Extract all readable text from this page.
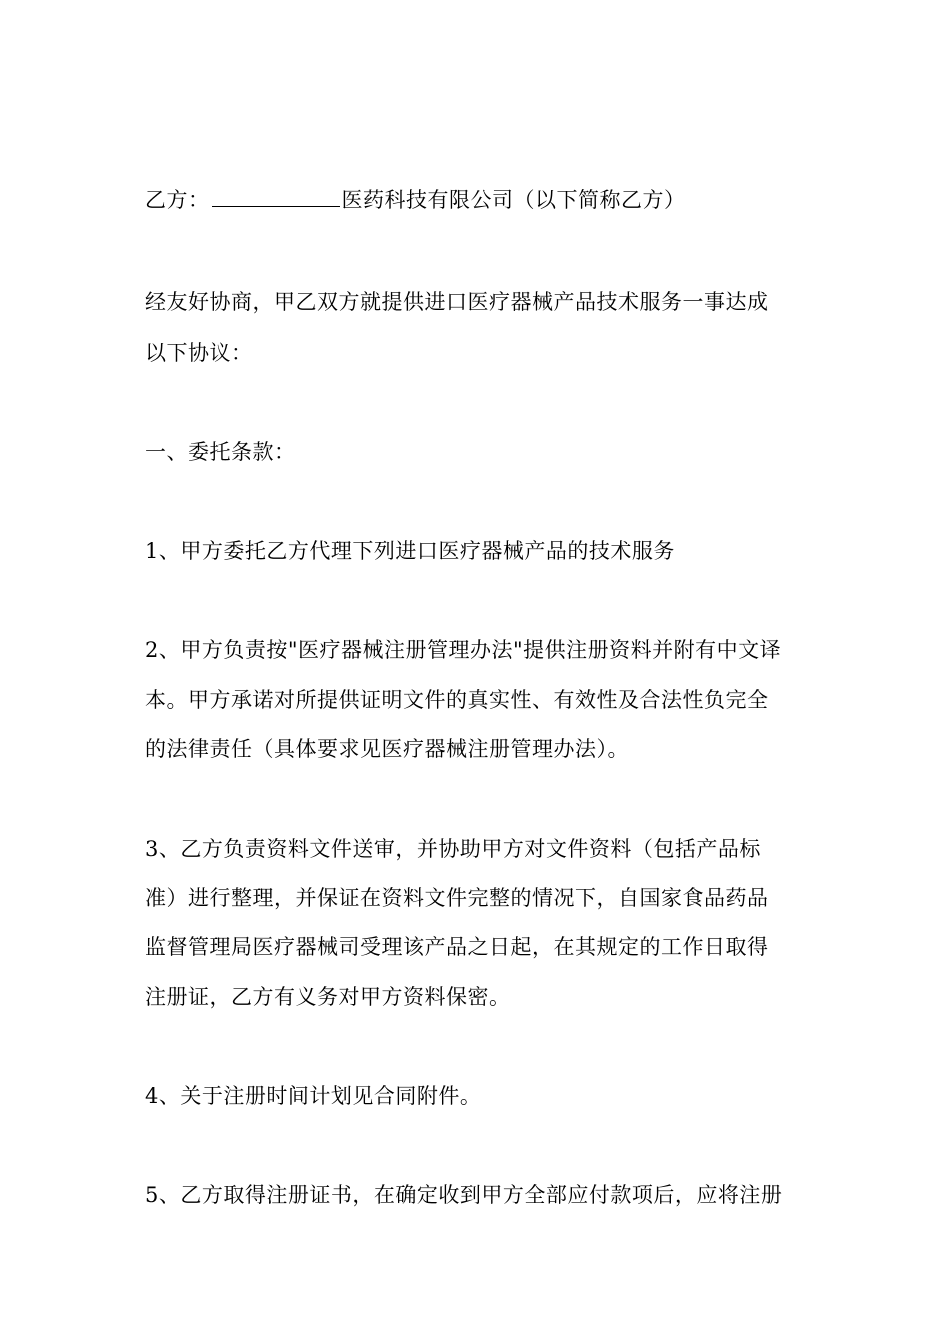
乙方：	医药科技有限公司（以下简称乙方）
经友好协商，甲乙双方就提供进口医疗器械产品技术服务一事达成
以下协议：
一、委托条款：
1、甲方委托乙方代理下列进口医疗器械产品的技术服务
2、甲方负责按"医疗器械注册管理办法"提供注册资料并附有中文译
本。甲方承诺对所提供证明文件的真实性、有效性及合法性负完全
的法律责任（具体要求见医疗器械注册管理办法）。
3、乙方负责资料文件送审，并协助甲方对文件资料（包括产品标
准）进行整理，并保证在资料文件完整的情况下，自国家食品药品
监督管理局医疗器械司受理该产品之日起，在其规定的工作日取得
注册证，乙方有义务对甲方资料保密。
4、关于注册时间计划见合同附件。
5、乙方取得注册证书，在确定收到甲方全部应付款项后，应将注册
